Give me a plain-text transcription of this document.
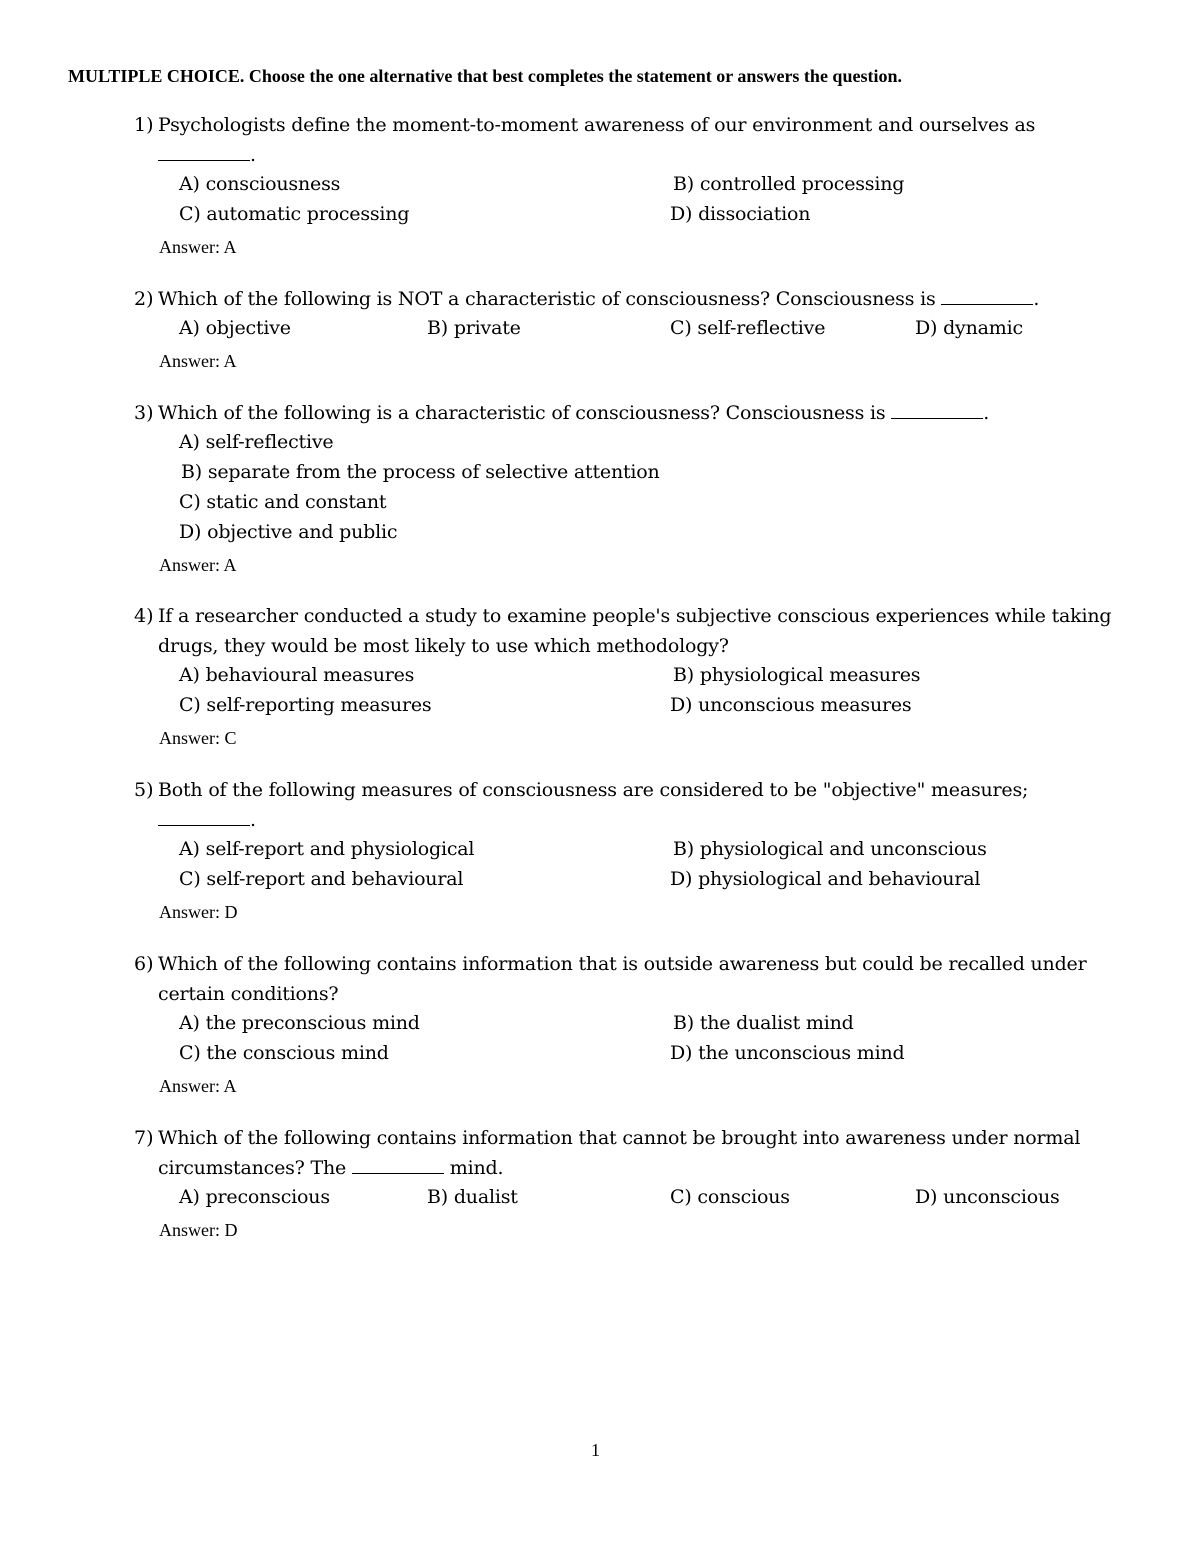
MULTIPLE CHOICE. Choose the one alternative that best completes the statement or answers the question.
1) Psychologists define the moment-to-moment awareness of our environment and ourselves as
.
A) consciousness	B) controlled processing
C) automatic processing	D) dissociation
Answer: A
2) Which of the following is NOT a characteristic of consciousness? Consciousness is	.
A) objective	B) private	C) self-reflective	D) dynamic
Answer: A
3) Which of the following is a characteristic of consciousness? Consciousness is	.
A) self-reflective
B) separate from the process of selective attention
C) static and constant
D) objective and public
Answer: A
4) If a researcher conducted a study to examine people's subjective conscious experiences while taking drugs, they would be most likely to use which methodology?
A) behavioural measures	B) physiological measures
C) self-reporting measures	D) unconscious measures
Answer: C
5) Both of the following measures of consciousness are considered to be "objective" measures;
.
A) self-report and physiological	B) physiological and unconscious
C) self-report and behavioural	D) physiological and behavioural
Answer: D
6) Which of the following contains information that is outside awareness but could be recalled under certain conditions?
A) the preconscious mind	B) the dualist mind
C) the conscious mind	D) the unconscious mind
Answer: A
7) Which of the following contains information that cannot be brought into awareness under normal circumstances? The	mind.
A) preconscious	B) dualist	C) conscious	D) unconscious
Answer: D
1
